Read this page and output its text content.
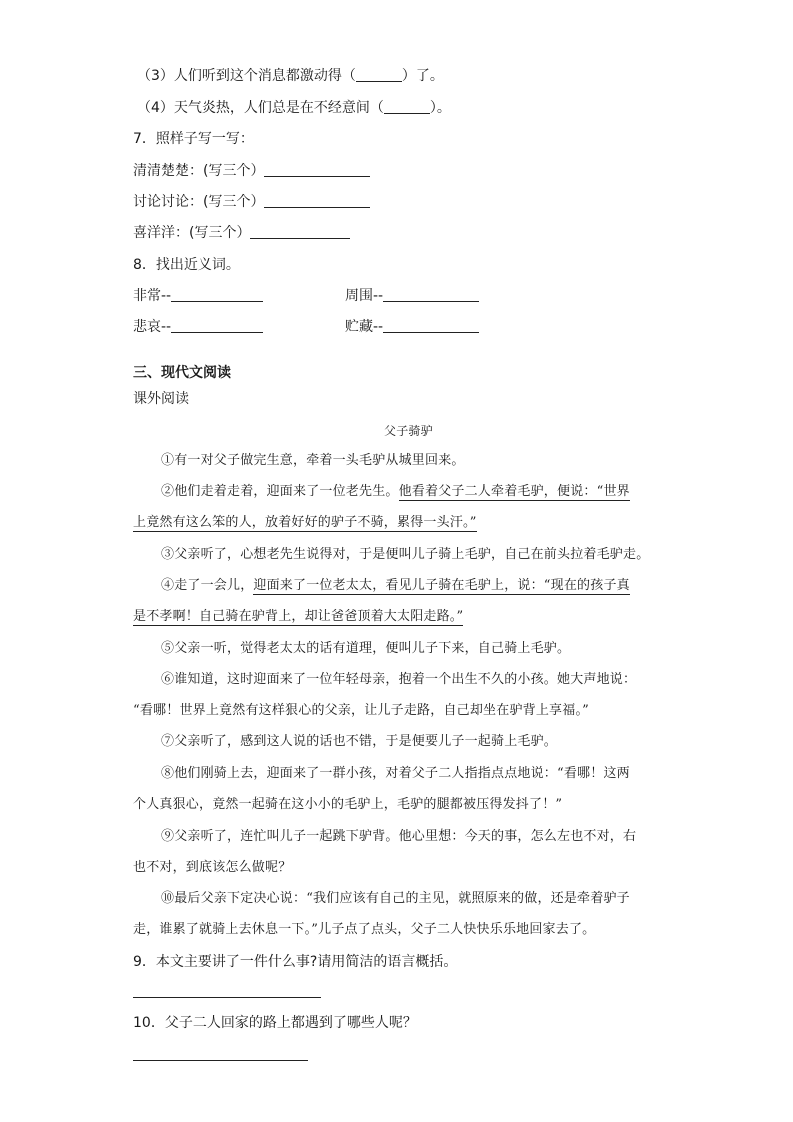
（3）人们听到这个消息都激动得（	）了。
（4）天气炎热，人们总是在不经意间（	）。
7．照样子写一写：
清清楚楚：(写三个）
讨论讨论：(写三个）
喜洋洋：(写三个）
8．找出近义词。
非常--	周围--
悲哀--	贮藏--
三、现代文阅读
课外阅读
父子骑驴
①有一对父子做完生意，牵着一头毛驴从城里回来。
②他们走着走着，迎面来了一位老先生。他看着父子二人牵着毛驴，便说：“世界
上竟然有这么笨的人，放着好好的驴子不骑，累得一头汗。”
③父亲听了，心想老先生说得对，于是便叫儿子骑上毛驴，自己在前头拉着毛驴走。
④走了一会儿，迎面来了一位老太太，看见儿子骑在毛驴上，说：“现在的孩子真
是不孝啊！自己骑在驴背上，却让爸爸顶着大太阳走路。”
⑤父亲一听，觉得老太太的话有道理，便叫儿子下来，自己骑上毛驴。
⑥谁知道，这时迎面来了一位年轻母亲，抱着一个出生不久的小孩。她大声地说：
“看哪！世界上竟然有这样狠心的父亲，让儿子走路，自己却坐在驴背上享福。”
⑦父亲听了，感到这人说的话也不错，于是便要儿子一起骑上毛驴。
⑧他们刚骑上去，迎面来了一群小孩，对着父子二人指指点点地说：“看哪！这两
个人真狠心，竟然一起骑在这小小的毛驴上，毛驴的腿都被压得发抖了！”
⑨父亲听了，连忙叫儿子一起跳下驴背。他心里想：今天的事，怎么左也不对，右
也不对，到底该怎么做呢？
⑩最后父亲下定决心说：“我们应该有自己的主见，就照原来的做，还是牵着驴子
走，谁累了就骑上去休息一下。”儿子点了点头，父子二人快快乐乐地回家去了。
9．本文主要讲了一件什么事?请用简洁的语言概括。
10．父子二人回家的路上都遇到了哪些人呢？
